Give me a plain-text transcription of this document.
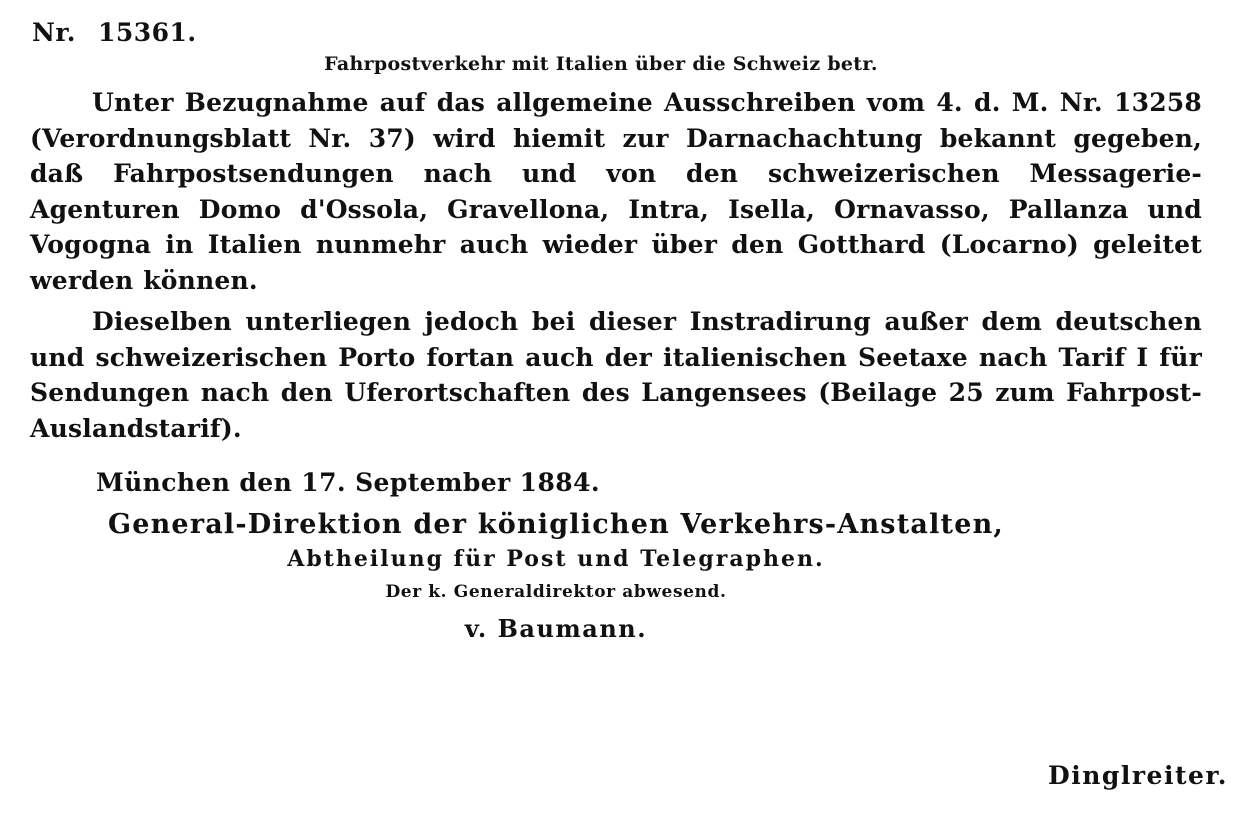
Nr. 15361.
Fahrpostverkehr mit Italien über die Schweiz betr.

Unter Bezugnahme auf das allgemeine Ausschreiben vom 4. d. M. Nr. 13258 (Verordnungsblatt Nr. 37) wird hiemit zur Darnachachtung bekannt gegeben, daß Fahrpostsendungen nach und von den schweizerischen Messagerie-Agenturen Domo d'Ossola, Gravellona, Intra, Isella, Ornavasso, Pallanza und Vogogna in Italien nunmehr auch wieder über den Gotthard (Locarno) geleitet werden können.

Dieselben unterliegen jedoch bei dieser Instradirung außer dem deutschen und schweizerischen Porto fortan auch der italienischen Seetaxe nach Tarif I für Sendungen nach den Uferortschaften des Langensees (Beilage 25 zum Fahrpost-Auslandstarif).

München den 17. September 1884.
General-Direktion der königlichen Verkehrs-Anstalten,
Abtheilung für Post und Telegraphen.
Der k. Generaldirektor abwesend.
v. Baumann.
Dinglreiter.
